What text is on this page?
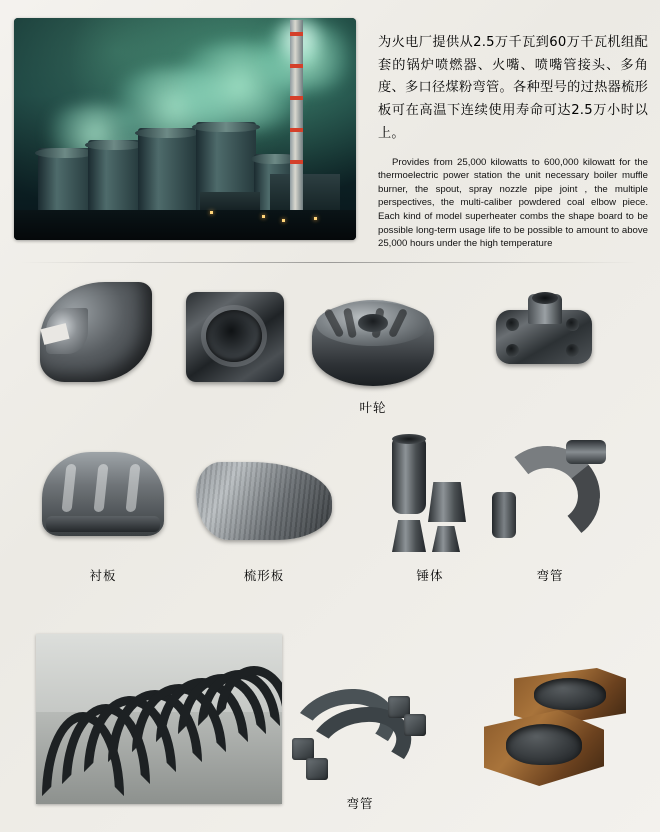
为火电厂提供从2.5万千瓦到60万千瓦机组配套的锅炉喷燃器、火嘴、喷嘴管接头、多角度、多口径煤粉弯管。各种型号的过热器梳形板可在高温下连续使用寿命可达2.5万小时以上。
Provides from 25,000 kilowatts to 600,000 kilowatt for the thermoelectric power station the unit necessary boiler muffle burner, the spout, spray nozzle pipe joint , the multiple perspectives, the multi-caliber powdered coal elbow piece. Each kind of model superheater combs the shape board to be possible long-term usage life to be possible to amount to above 25,000 hours under the high temperature
叶轮
衬板	梳形板	锤体	弯管
弯管
